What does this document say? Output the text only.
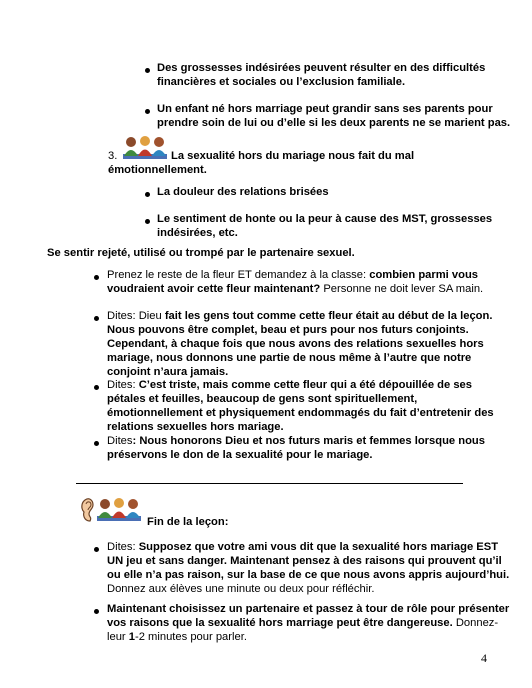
Des grossesses indésirées peuvent résulter en des difficultés

financières et sociales ou l’exclusion familiale.

Un enfant né hors marriage peut grandir sans ses parents pour

prendre soin de lui ou d’elle si les deux parents ne se marient pas.

3.	La sexualité hors du mariage nous fait du mal

émotionnellement.

La douleur des relations brisées

Le sentiment de honte ou la peur à cause des MST, grossesses

indésirées, etc.

Se sentir rejeté, utilisé ou trompé par le partenaire sexuel.

Prenez le reste de la fleur ET demandez à la classe: combien parmi vous

voudraient avoir cette fleur maintenant? Personne ne doit lever SA main.

Dites: Dieu fait les gens tout comme cette fleur était au début de la leçon.

Nous pouvons être complet, beau et purs pour nos futurs conjoints.

Cependant, à chaque fois que nous avons des relations sexuelles hors

mariage, nous donnons une partie de nous même à l’autre que notre

conjoint n’aura jamais.

Dites: C’est triste, mais comme cette fleur qui a été dépouillée de ses

pétales et feuilles, beaucoup de gens sont spirituellement,

émotionnellement et physiquement endommagés du fait d’entretenir des

relations sexuelles hors mariage.

Dites: Nous honorons Dieu et nos futurs maris et femmes lorsque nous

préservons le don de la sexualité pour le mariage.

Fin de la leçon:

Dites: Supposez que votre ami vous dit que la sexualité hors mariage EST

UN jeu et sans danger. Maintenant pensez à des raisons qui prouvent qu’il

ou elle n’a pas raison, sur la base de ce que nous avons appris aujourd’hui.

Donnez aux élèves une minute ou deux pour réfléchir.

Maintenant choisissez un partenaire et passez à tour de rôle pour présenter

vos raisons que la sexualité hors marriage peut être dangereuse. Donnez-

leur 1-2 minutes pour parler.

4
